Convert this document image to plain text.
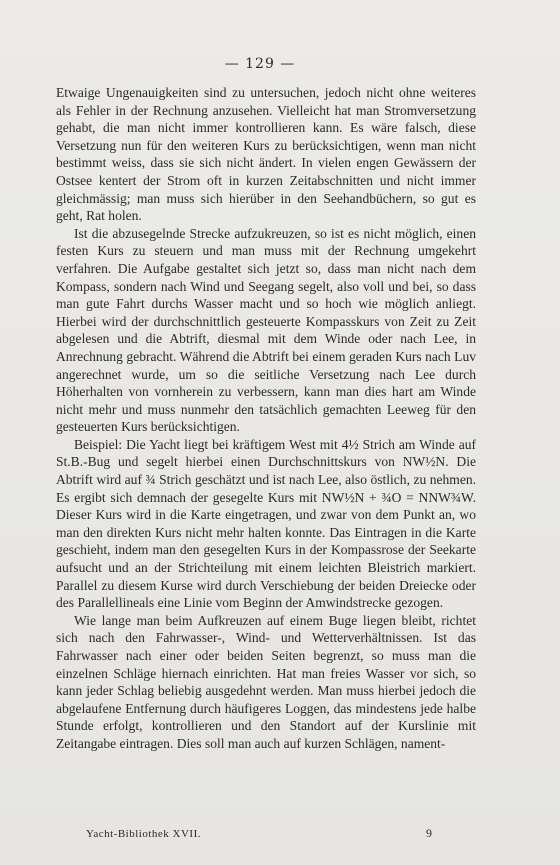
— 129 —

Etwaige Ungenauigkeiten sind zu untersuchen, jedoch nicht ohne weiteres als Fehler in der Rechnung anzusehen. Vielleicht hat man Stromversetzung gehabt, die man nicht immer kontrollieren kann. Es wäre falsch, diese Versetzung nun für den weiteren Kurs zu berücksichtigen, wenn man nicht bestimmt weiss, dass sie sich nicht ändert. In vielen engen Gewässern der Ostsee kentert der Strom oft in kurzen Zeitabschnitten und nicht immer gleichmässig; man muss sich hierüber in den Seehandbüchern, so gut es geht, Rat holen.

Ist die abzusegelnde Strecke aufzukreuzen, so ist es nicht möglich, einen festen Kurs zu steuern und man muss mit der Rechnung umgekehrt verfahren. Die Aufgabe gestaltet sich jetzt so, dass man nicht nach dem Kompass, sondern nach Wind und Seegang segelt, also voll und bei, so dass man gute Fahrt durchs Wasser macht und so hoch wie möglich anliegt. Hierbei wird der durchschnittlich gesteuerte Kompasskurs von Zeit zu Zeit abgelesen und die Abtrift, diesmal mit dem Winde oder nach Lee, in Anrechnung gebracht. Während die Abtrift bei einem geraden Kurs nach Luv angerechnet wurde, um so die seitliche Versetzung nach Lee durch Höherhalten von vornherein zu verbessern, kann man dies hart am Winde nicht mehr und muss nunmehr den tatsächlich gemachten Leeweg für den gesteuerten Kurs berücksichtigen.

Beispiel: Die Yacht liegt bei kräftigem West mit 4½ Strich am Winde auf St.B.-Bug und segelt hierbei einen Durchschnittskurs von NW½N. Die Abtrift wird auf ¾ Strich geschätzt und ist nach Lee, also östlich, zu nehmen. Es ergibt sich demnach der gesegelte Kurs mit NW½N + ¾O = NNW¾W. Dieser Kurs wird in die Karte eingetragen, und zwar von dem Punkt an, wo man den direkten Kurs nicht mehr halten konnte. Das Eintragen in die Karte geschieht, indem man den gesegelten Kurs in der Kompassrose der Seekarte aufsucht und an der Strichteilung mit einem leichten Bleistrich markiert. Parallel zu diesem Kurse wird durch Verschiebung der beiden Dreiecke oder des Parallellineals eine Linie vom Beginn der Amwindstrecke gezogen.

Wie lange man beim Aufkreuzen auf einem Buge liegen bleibt, richtet sich nach den Fahrwasser-, Wind- und Wetterverhältnissen. Ist das Fahrwasser nach einer oder beiden Seiten begrenzt, so muss man die einzelnen Schläge hiernach einrichten. Hat man freies Wasser vor sich, so kann jeder Schlag beliebig ausgedehnt werden. Man muss hierbei jedoch die abgelaufene Entfernung durch häufigeres Loggen, das mindestens jede halbe Stunde erfolgt, kontrollieren und den Standort auf der Kurslinie mit Zeitangabe eintragen. Dies soll man auch auf kurzen Schlägen, nament-

Yacht-Bibliothek XVII.	9
